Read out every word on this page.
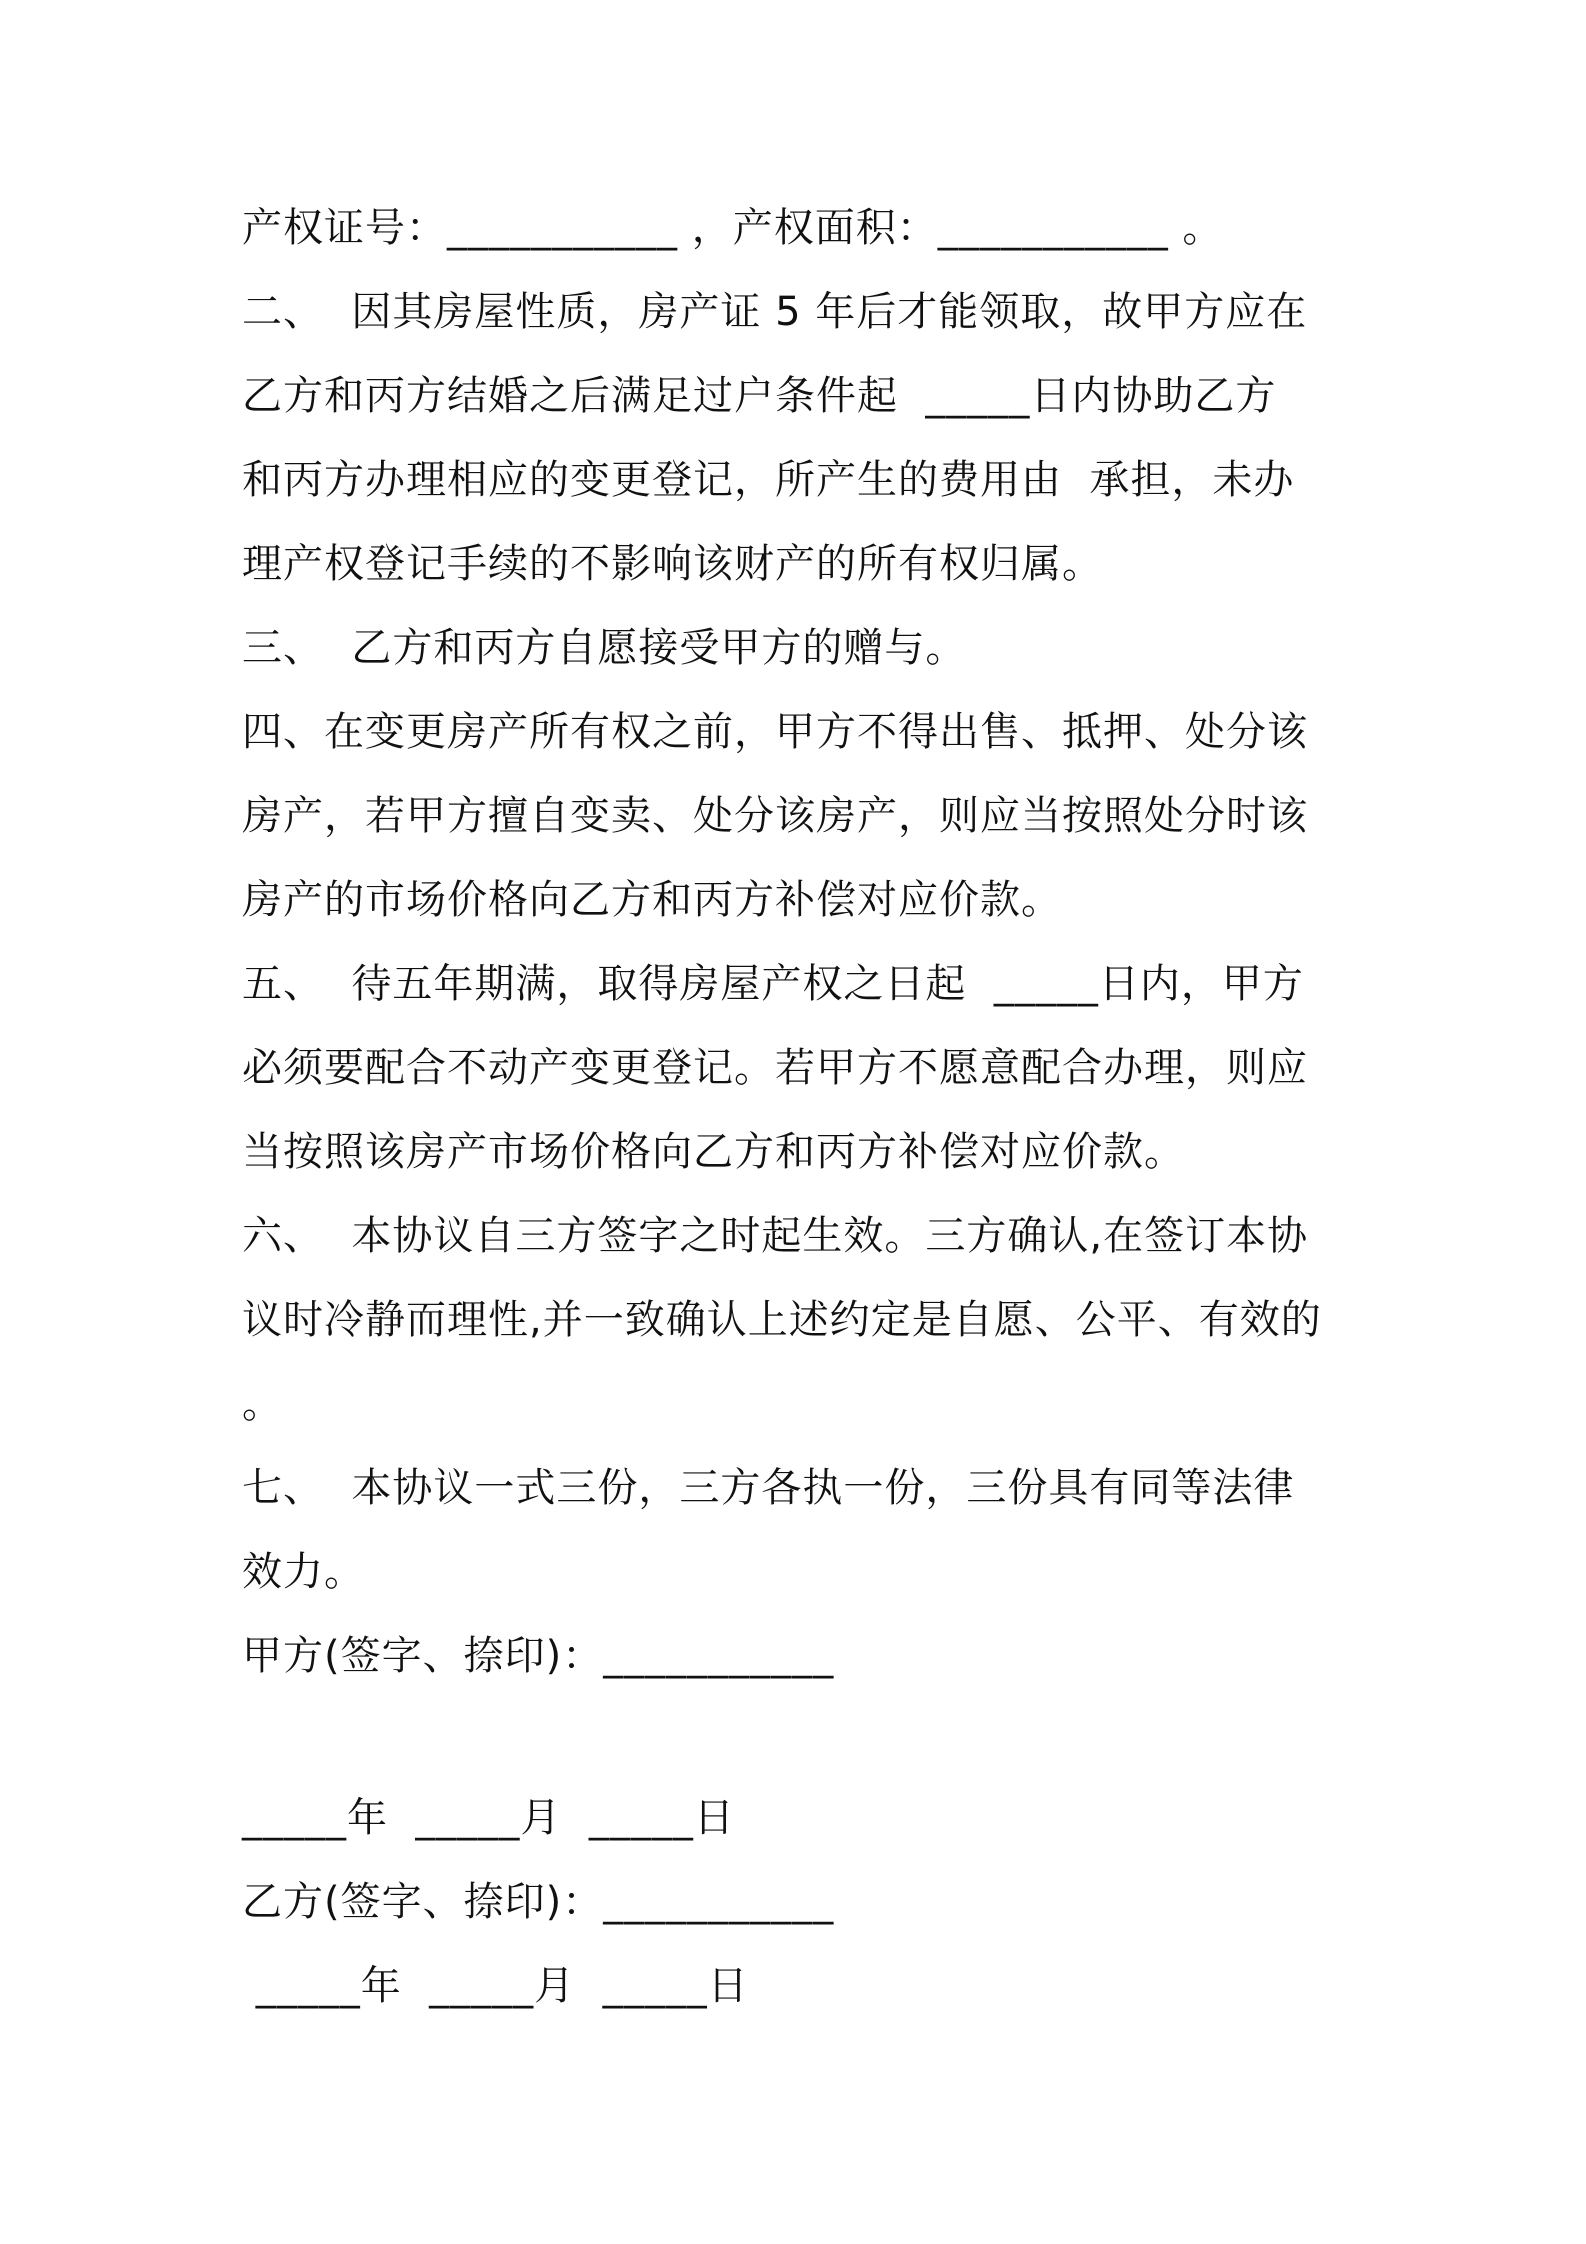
产权证号：___________ ，产权面积：___________ 。
二、  因其房屋性质，房产证 5 年后才能领取，故甲方应在
乙方和丙方结婚之后满足过户条件起  _____日内协助乙方
和丙方办理相应的变更登记，所产生的费用由  承担，未办
理产权登记手续的不影响该财产的所有权归属。
三、  乙方和丙方自愿接受甲方的赠与。
四、在变更房产所有权之前，甲方不得出售、抵押、处分该
房产，若甲方擅自变卖、处分该房产，则应当按照处分时该
房产的市场价格向乙方和丙方补偿对应价款。
五、  待五年期满，取得房屋产权之日起  _____日内，甲方
必须要配合不动产变更登记。若甲方不愿意配合办理，则应
当按照该房产市场价格向乙方和丙方补偿对应价款。
六、  本协议自三方签字之时起生效。三方确认,在签订本协
议时冷静而理性,并一致确认上述约定是自愿、公平、有效的
。
七、  本协议一式三份，三方各执一份，三份具有同等法律
效力。
甲方(签字、捺印)：___________
_____年  _____月  _____日
乙方(签字、捺印)：___________
_____年  _____月  _____日
